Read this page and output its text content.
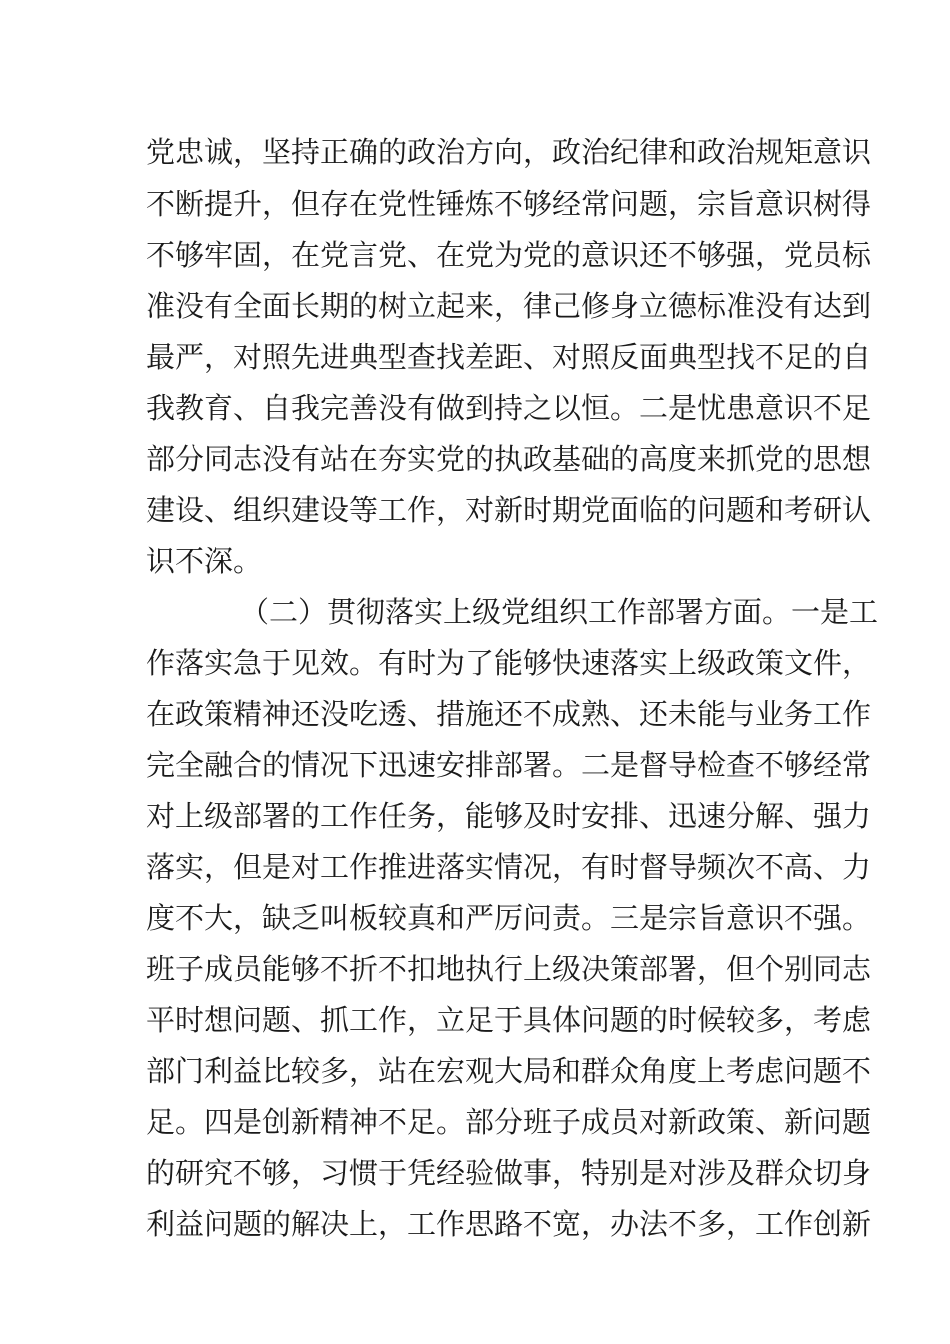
党忠诚，坚持正确的政治方向，政治纪律和政治规矩意识
不断提升，但存在党性锤炼不够经常问题，宗旨意识树得
不够牢固，在党言党、在党为党的意识还不够强，党员标
准没有全面长期的树立起来，律己修身立德标准没有达到
最严，对照先进典型查找差距、对照反面典型找不足的自
我教育、自我完善没有做到持之以恒。二是忧患意识不足
部分同志没有站在夯实党的执政基础的高度来抓党的思想
建设、组织建设等工作，对新时期党面临的问题和考研认
识不深。
（二）贯彻落实上级党组织工作部署方面。一是工
作落实急于见效。有时为了能够快速落实上级政策文件，
在政策精神还没吃透、措施还不成熟、还未能与业务工作
完全融合的情况下迅速安排部署。二是督导检查不够经常
对上级部署的工作任务，能够及时安排、迅速分解、强力
落实，但是对工作推进落实情况，有时督导频次不高、力
度不大，缺乏叫板较真和严厉问责。三是宗旨意识不强。
班子成员能够不折不扣地执行上级决策部署，但个别同志
平时想问题、抓工作，立足于具体问题的时候较多，考虑
部门利益比较多，站在宏观大局和群众角度上考虑问题不
足。四是创新精神不足。部分班子成员对新政策、新问题
的研究不够，习惯于凭经验做事，特别是对涉及群众切身
利益问题的解决上，工作思路不宽，办法不多，工作创新
